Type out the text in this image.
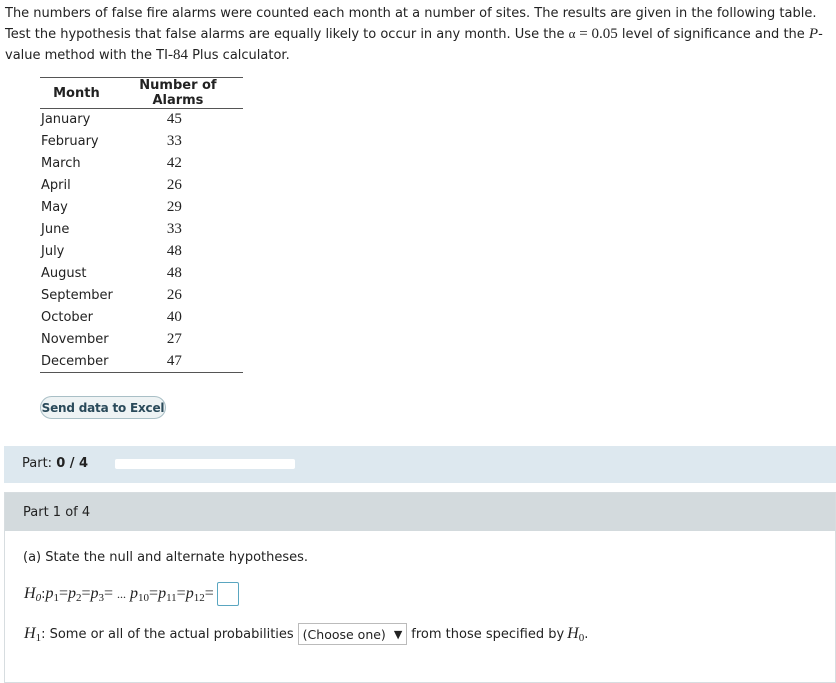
The numbers of false fire alarms were counted each month at a number of sites. The results are given in the following table. Test the hypothesis that false alarms are equally likely to occur in any month. Use the α = 0.05 level of significance and the P-value method with the TI-84 Plus calculator.
Month	Number of Alarms
January	45
February	33
March	42
April	26
May	29
June	33
July	48
August	48
September	26
October	40
November	27
December	47
Send data to Excel
Part: 0 / 4
Part 1 of 4
(a) State the null and alternate hypotheses.
$H_0$ : $p_1=p_2=p_3=$ ... $p_{10}=p_{11}=p_{12}=$
$H_1$ : Some or all of the actual probabilities (Choose one) ▼ from those specified by $H_0$ .
